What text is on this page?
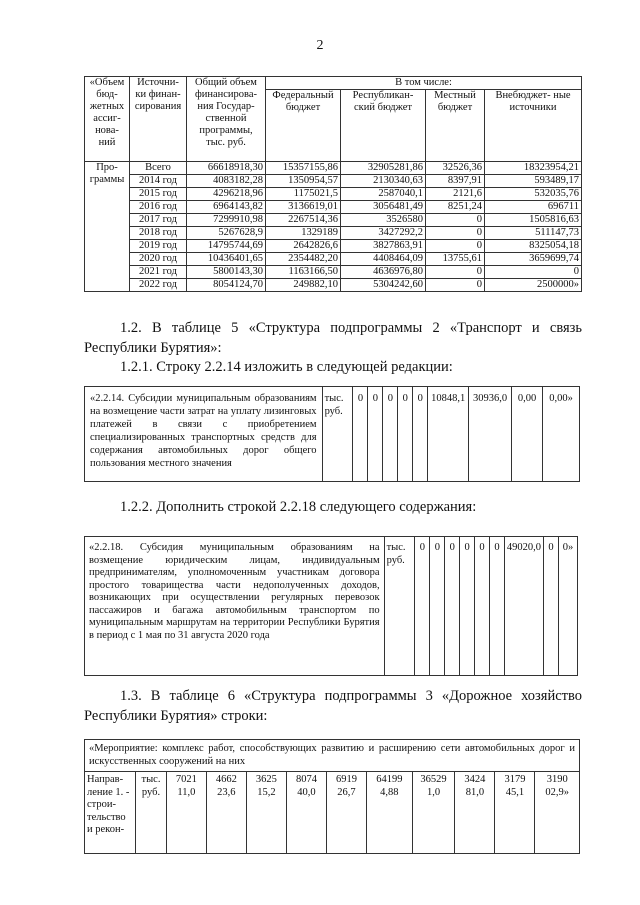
2
«Объем бюд- жетных ассиг- нова- ний	Источни- ки финан- сирования	Общий объем финансирова- ния Государ- ственной программы, тыс. руб.	В том числе:			
			Федеральный бюджет	Республикан- ский бюджет	Местный бюджет	Внебюджет- ные источники
Про- граммы	Всего	66618918,30	15357155,86	32905281,86	32526,36	18323954,21
	2014 год	4083182,28	1350954,57	2130340,63	8397,91	593489,17
	2015 год	4296218,96	1175021,5	2587040,1	2121,6	532035,76
	2016 год	6964143,82	3136619,01	3056481,49	8251,24	696711
	2017 год	7299910,98	2267514,36	3526580	0	1505816,63
	2018 год	5267628,9	1329189	3427292,2	0	511147,73
	2019 год	14795744,69	2642826,6	3827863,91	0	8325054,18
	2020 год	10436401,65	2354482,20	4408464,09	13755,61	3659699,74
	2021 год	5800143,30	1163166,50	4636976,80	0	0
	2022 год	8054124,70	249882,10	5304242,60	0	2500000»
1.2. В таблице 5 «Структура подпрограммы 2 «Транспорт и связь Республики Бурятия»:
1.2.1. Строку 2.2.14 изложить в следующей редакции:
«2.2.14. Субсидии муниципальным образованиям на возмещение части затрат на уплату лизинговых платежей в связи с приобретением специализированных транспортных средств для содержания автомобильных дорог общего пользования местного значения	тыс. руб.	0	0	0	0	0	10848,1	30936,0	0,00	0,00»
1.2.2. Дополнить строкой 2.2.18 следующего содержания:
«2.2.18. Субсидия муниципальным образованиям на возмещение юридическим лицам, индивидуальным предпринимателям, уполномоченным участникам договора простого товарищества части недополученных доходов, возникающих при осуществлении регулярных перевозок пассажиров и багажа автомобильным транспортом по муниципальным маршрутам на территории Республики Бурятия в период с 1 мая по 31 августа 2020 года	тыс. руб.	0	0	0	0	0	0	49020,0	0	0»
1.3. В таблице 6 «Структура подпрограммы 3 «Дорожное хозяйство Республики Бурятия» строки:
«Мероприятие: комплекс работ, способствующих развитию и расширению сети автомобильных дорог и искусственных сооружений на них
Направ- ление 1. - строи- тельство и рекон-	тыс. руб.	7021 11,0	4662 23,6	3625 15,2	8074 40,0	6919 26,7	64199 4,88	36529 1,0	3424 81,0	3179 45,1	3190 02,9»
